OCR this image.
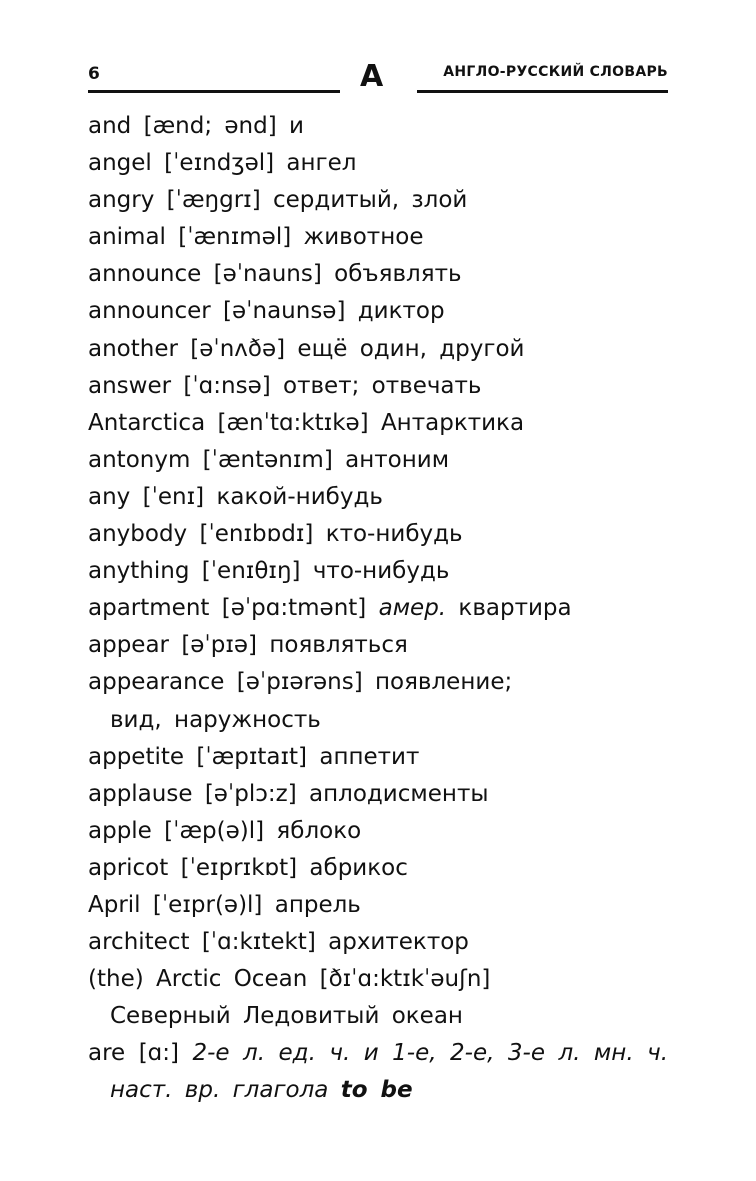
6	A	АНГЛО-РУССКИЙ СЛОВАРЬ
and [ænd; ənd] и
angel [ˈeɪndʒəl] ангел
angry [ˈæŋgrɪ] сердитый, злой
animal [ˈænɪməl] животное
announce [əˈnauns] объявлять
announcer [əˈnaunsə] диктор
another [əˈnʌðə] ещё один, другой
answer [ˈɑ:nsə] ответ; отвечать
Antarctica [ænˈtɑ:ktɪkə] Антарктика
antonym [ˈæntənɪm] антоним
any [ˈenɪ] какой-нибудь
anybody [ˈenɪbɒdɪ] кто-нибудь
anything [ˈenɪθɪŋ] что-нибудь
apartment [əˈpɑ:tmənt] амер. квартира
appear [əˈpɪə] появляться
appearance [əˈpɪərəns] появление;
вид, наружность
appetite [ˈæpɪtaɪt] аппетит
applause [əˈplɔ:z] аплодисменты
apple [ˈæp(ə)l] яблоко
apricot [ˈeɪprɪkɒt] абрикос
April [ˈeɪpr(ə)l] апрель
architect [ˈɑ:kɪtekt] архитектор
(the) Arctic Ocean [ðɪˈɑ:ktɪkˈəuʃn]
Северный Ледовитый океан
are [ɑ:] 2-е л. ед. ч. и 1-е, 2-е, 3-е л. мн. ч.
наст. вр. глагола to be
